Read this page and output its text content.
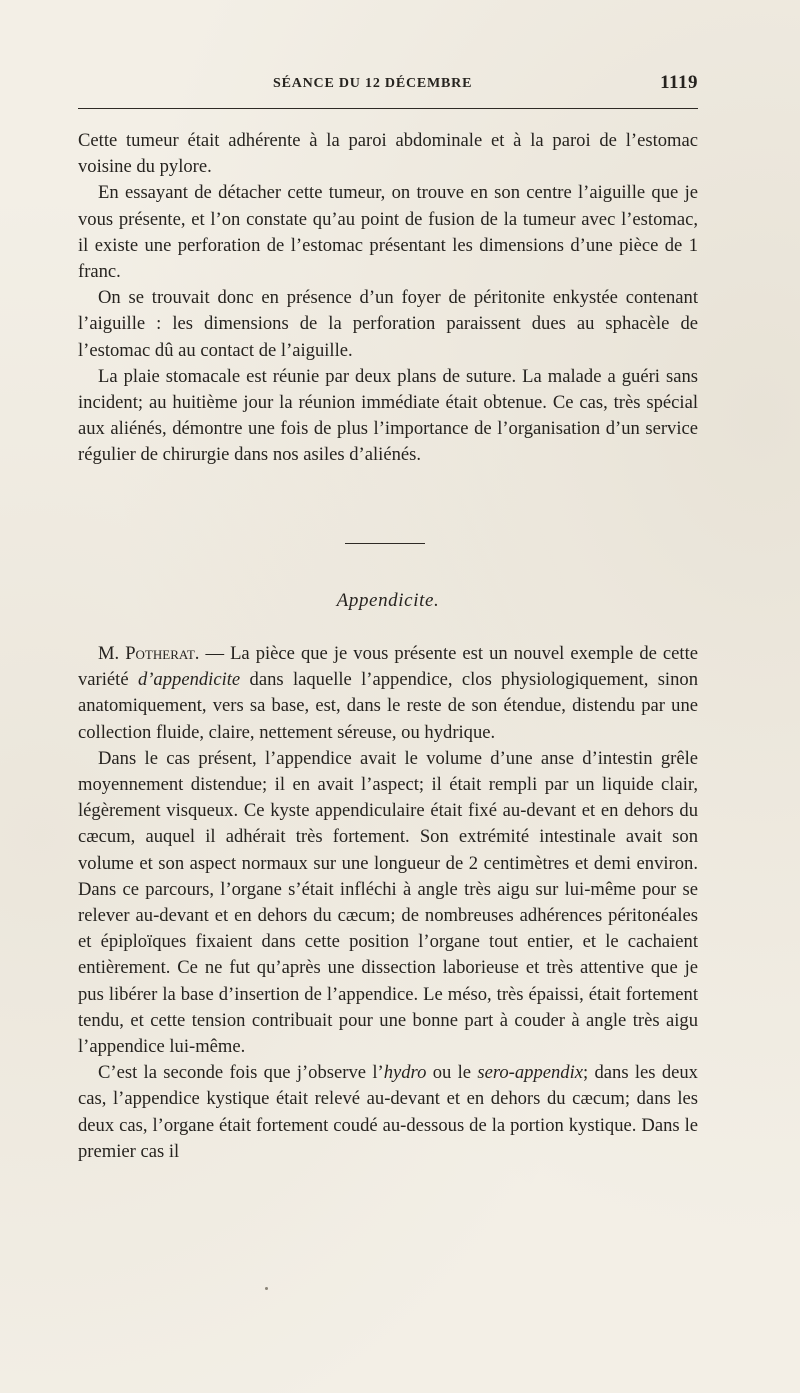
SÉANCE DU 12 DÉCEMBRE	1119

Cette tumeur était adhérente à la paroi abdominale et à la paroi de l’estomac voisine du pylore.

En essayant de détacher cette tumeur, on trouve en son centre l’aiguille que je vous présente, et l’on constate qu’au point de fusion de la tumeur avec l’estomac, il existe une perforation de l’estomac présentant les dimensions d’une pièce de 1 franc.

On se trouvait donc en présence d’un foyer de péritonite enkystée contenant l’aiguille : les dimensions de la perforation paraissent dues au sphacèle de l’estomac dû au contact de l’aiguille.

La plaie stomacale est réunie par deux plans de suture. La malade a guéri sans incident; au huitième jour la réunion immédiate était obtenue. Ce cas, très spécial aux aliénés, démontre une fois de plus l’importance de l’organisation d’un service régulier de chirurgie dans nos asiles d’aliénés.

Appendicite.

M. Potherat. — La pièce que je vous présente est un nouvel exemple de cette variété d’appendicite dans laquelle l’appendice, clos physiologiquement, sinon anatomiquement, vers sa base, est, dans le reste de son étendue, distendu par une collection fluide, claire, nettement séreuse, ou hydrique.

Dans le cas présent, l’appendice avait le volume d’une anse d’intestin grêle moyennement distendue; il en avait l’aspect; il était rempli par un liquide clair, légèrement visqueux. Ce kyste appendiculaire était fixé au-devant et en dehors du cæcum, auquel il adhérait très fortement. Son extrémité intestinale avait son volume et son aspect normaux sur une longueur de 2 centimètres et demi environ. Dans ce parcours, l’organe s’était infléchi à angle très aigu sur lui-même pour se relever au-devant et en dehors du cæcum; de nombreuses adhérences péritonéales et épiploïques fixaient dans cette position l’organe tout entier, et le cachaient entièrement. Ce ne fut qu’après une dissection laborieuse et très attentive que je pus libérer la base d’insertion de l’appendice. Le méso, très épaissi, était fortement tendu, et cette tension contribuait pour une bonne part à couder à angle très aigu l’appendice lui-même.

C’est la seconde fois que j’observe l’hydro ou le sero-appendix; dans les deux cas, l’appendice kystique était relevé au-devant et en dehors du cæcum; dans les deux cas, l’organe était fortement coudé au-dessous de la portion kystique. Dans le premier cas il
